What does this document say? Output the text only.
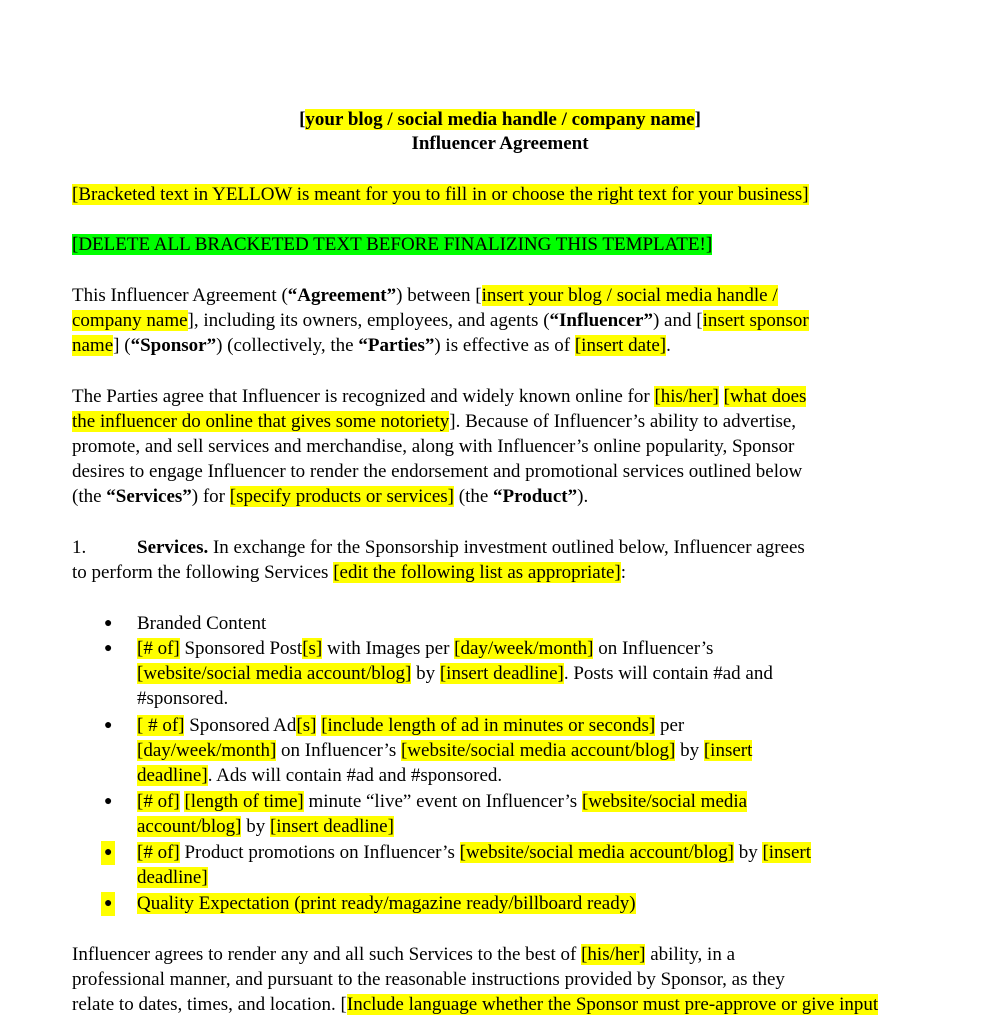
[your blog / social media handle / company name]
Influencer Agreement
[Bracketed text in YELLOW is meant for you to fill in or choose the right text for your business]
[DELETE ALL BRACKETED TEXT BEFORE FINALIZING THIS TEMPLATE!]
This Influencer Agreement (“Agreement”) between [insert your blog / social media handle /
company name], including its owners, employees, and agents (“Influencer”) and [insert sponsor
name] (“Sponsor”) (collectively, the “Parties”) is effective as of [insert date].
The Parties agree that Influencer is recognized and widely known online for [his/her] [what does
the influencer do online that gives some notoriety]. Because of Influencer’s ability to advertise,
promote, and sell services and merchandise, along with Influencer’s online popularity, Sponsor
desires to engage Influencer to render the endorsement and promotional services outlined below
(the “Services”) for [specify products or services] (the “Product”).
1.	Services. In exchange for the Sponsorship investment outlined below, Influencer agrees
to perform the following Services [edit the following list as appropriate]:
● Branded Content
● [# of] Sponsored Post[s] with Images per [day/week/month] on Influencer’s
[website/social media account/blog] by [insert deadline]. Posts will contain #ad and
#sponsored.
● [ # of] Sponsored Ad[s] [include length of ad in minutes or seconds] per
[day/week/month] on Influencer’s [website/social media account/blog] by [insert
deadline]. Ads will contain #ad and #sponsored.
● [# of] [length of time] minute “live” event on Influencer’s [website/social media
account/blog] by [insert deadline]
● [# of] Product promotions on Influencer’s [website/social media account/blog] by [insert
deadline]
● Quality Expectation (print ready/magazine ready/billboard ready)
Influencer agrees to render any and all such Services to the best of [his/her] ability, in a
professional manner, and pursuant to the reasonable instructions provided by Sponsor, as they
relate to dates, times, and location. [Include language whether the Sponsor must pre-approve or give input
